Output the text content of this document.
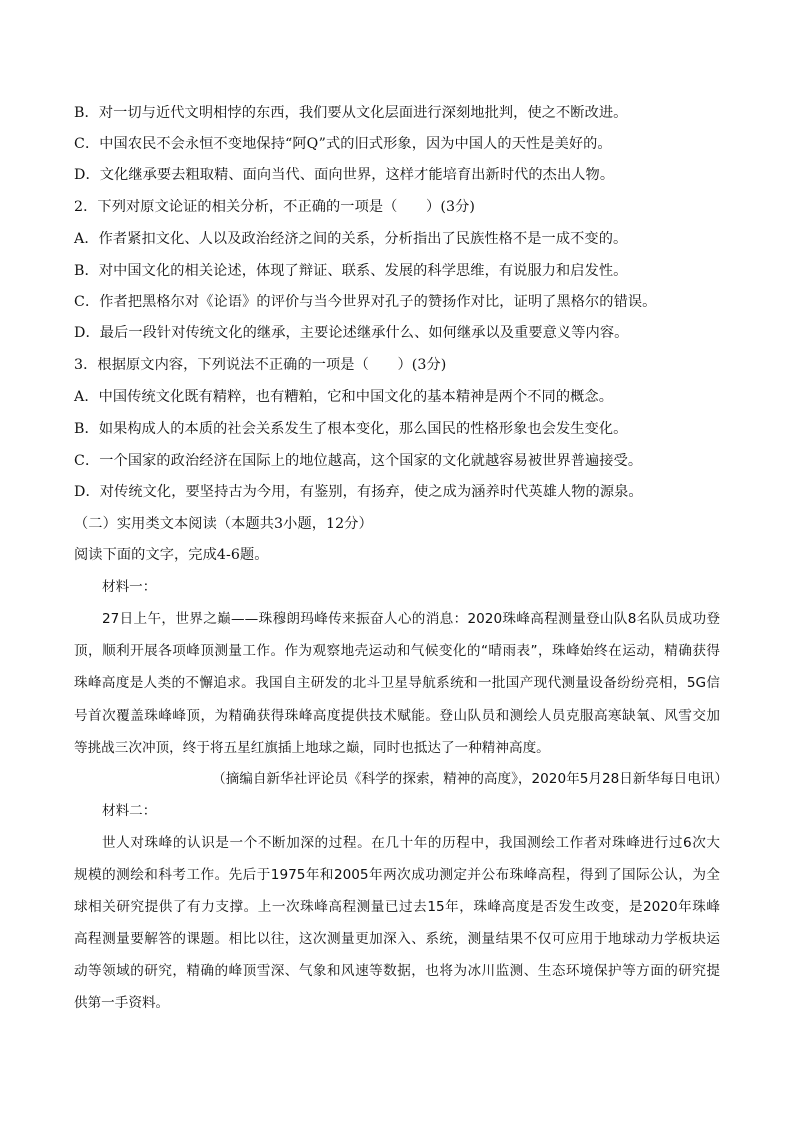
B．对一切与近代文明相悖的东西，我们要从文化层面进行深刻地批判，使之不断改进。
C．中国农民不会永恒不变地保持“阿Q”式的旧式形象，因为中国人的天性是美好的。
D．文化继承要去粗取精、面向当代、面向世界，这样才能培育出新时代的杰出人物。
2．下列对原文论证的相关分析，不正确的一项是（　　）(3分)
A．作者紧扣文化、人以及政治经济之间的关系，分析指出了民族性格不是一成不变的。
B．对中国文化的相关论述，体现了辩证、联系、发展的科学思维，有说服力和启发性。
C．作者把黑格尔对《论语》的评价与当今世界对孔子的赞扬作对比，证明了黑格尔的错误。
D．最后一段针对传统文化的继承，主要论述继承什么、如何继承以及重要意义等内容。
3．根据原文内容，下列说法不正确的一项是（　　）(3分)
A．中国传统文化既有精粹，也有糟粕，它和中国文化的基本精神是两个不同的概念。
B．如果构成人的本质的社会关系发生了根本变化，那么国民的性格形象也会发生变化。
C．一个国家的政治经济在国际上的地位越高，这个国家的文化就越容易被世界普遍接受。
D．对传统文化，要坚持古为今用，有鉴别，有扬弃，使之成为涵养时代英雄人物的源泉。
（二）实用类文本阅读（本题共3小题，12分）
阅读下面的文字，完成4-6题。
材料一：
27日上午，世界之巅——珠穆朗玛峰传来振奋人心的消息：2020珠峰高程测量登山队8名队员成功登
顶，顺利开展各项峰顶测量工作。作为观察地壳运动和气候变化的“晴雨表”，珠峰始终在运动，精确获得
珠峰高度是人类的不懈追求。我国自主研发的北斗卫星导航系统和一批国产现代测量设备纷纷亮相，5G信
号首次覆盖珠峰峰顶，为精确获得珠峰高度提供技术赋能。登山队员和测绘人员克服高寒缺氧、风雪交加
等挑战三次冲顶，终于将五星红旗插上地球之巅，同时也抵达了一种精神高度。
（摘编自新华社评论员《科学的探索，精神的高度》，2020年5月28日新华每日电讯）
材料二：
世人对珠峰的认识是一个不断加深的过程。在几十年的历程中，我国测绘工作者对珠峰进行过6次大
规模的测绘和科考工作。先后于1975年和2005年两次成功测定并公布珠峰高程，得到了国际公认，为全
球相关研究提供了有力支撑。上一次珠峰高程测量已过去15年，珠峰高度是否发生改变，是2020年珠峰
高程测量要解答的课题。相比以往，这次测量更加深入、系统，测量结果不仅可应用于地球动力学板块运
动等领域的研究，精确的峰顶雪深、气象和风速等数据，也将为冰川监测、生态环境保护等方面的研究提
供第一手资料。
